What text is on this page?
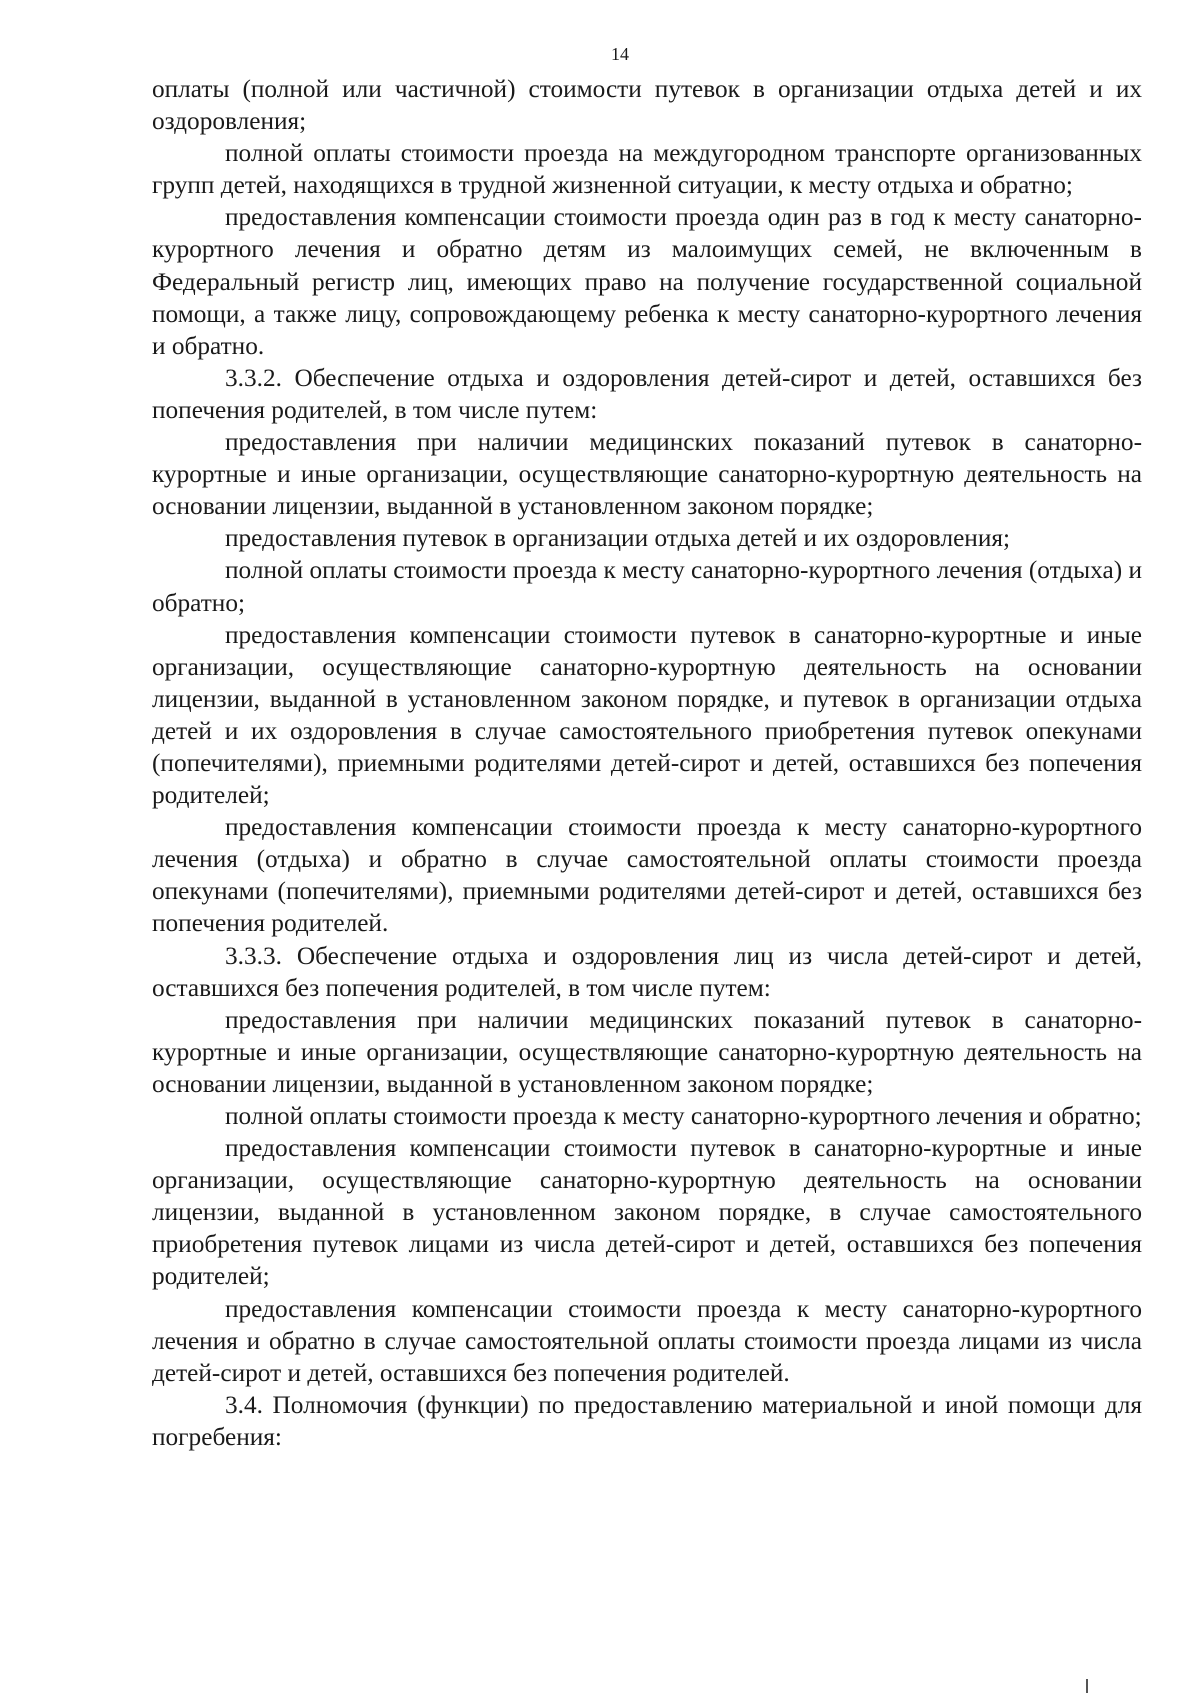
14

оплаты (полной или частичной) стоимости путевок в организации отдыха детей и их оздоровления;

полной оплаты стоимости проезда на междугородном транспорте организованных групп детей, находящихся в трудной жизненной ситуации, к месту отдыха и обратно;

предоставления компенсации стоимости проезда один раз в год к месту санаторно-курортного лечения и обратно детям из малоимущих семей, не включенным в Федеральный регистр лиц, имеющих право на получение государственной социальной помощи, а также лицу, сопровождающему ребенка к месту санаторно-курортного лечения и обратно.

3.3.2. Обеспечение отдыха и оздоровления детей-сирот и детей, оставшихся без попечения родителей, в том числе путем:

предоставления при наличии медицинских показаний путевок в санаторно-курортные и иные организации, осуществляющие санаторно-курортную деятельность на основании лицензии, выданной в установленном законом порядке;

предоставления путевок в организации отдыха детей и их оздоровления;

полной оплаты стоимости проезда к месту санаторно-курортного лечения (отдыха) и обратно;

предоставления компенсации стоимости путевок в санаторно-курортные и иные организации, осуществляющие санаторно-курортную деятельность на основании лицензии, выданной в установленном законом порядке, и путевок в организации отдыха детей и их оздоровления в случае самостоятельного приобретения путевок опекунами (попечителями), приемными родителями детей-сирот и детей, оставшихся без попечения родителей;

предоставления компенсации стоимости проезда к месту санаторно-курортного лечения (отдыха) и обратно в случае самостоятельной оплаты стоимости проезда опекунами (попечителями), приемными родителями детей-сирот и детей, оставшихся без попечения родителей.

3.3.3. Обеспечение отдыха и оздоровления лиц из числа детей-сирот и детей, оставшихся без попечения родителей, в том числе путем:

предоставления при наличии медицинских показаний путевок в санаторно-курортные и иные организации, осуществляющие санаторно-курортную деятельность на основании лицензии, выданной в установленном законом порядке;

полной оплаты стоимости проезда к месту санаторно-курортного лечения и обратно;

предоставления компенсации стоимости путевок в санаторно-курортные и иные организации, осуществляющие санаторно-курортную деятельность на основании лицензии, выданной в установленном законом порядке, в случае самостоятельного приобретения путевок лицами из числа детей-сирот и детей, оставшихся без попечения родителей;

предоставления компенсации стоимости проезда к месту санаторно-курортного лечения и обратно в случае самостоятельной оплаты стоимости проезда лицами из числа детей-сирот и детей, оставшихся без попечения родителей.

3.4. Полномочия (функции) по предоставлению материальной и иной помощи для погребения:
